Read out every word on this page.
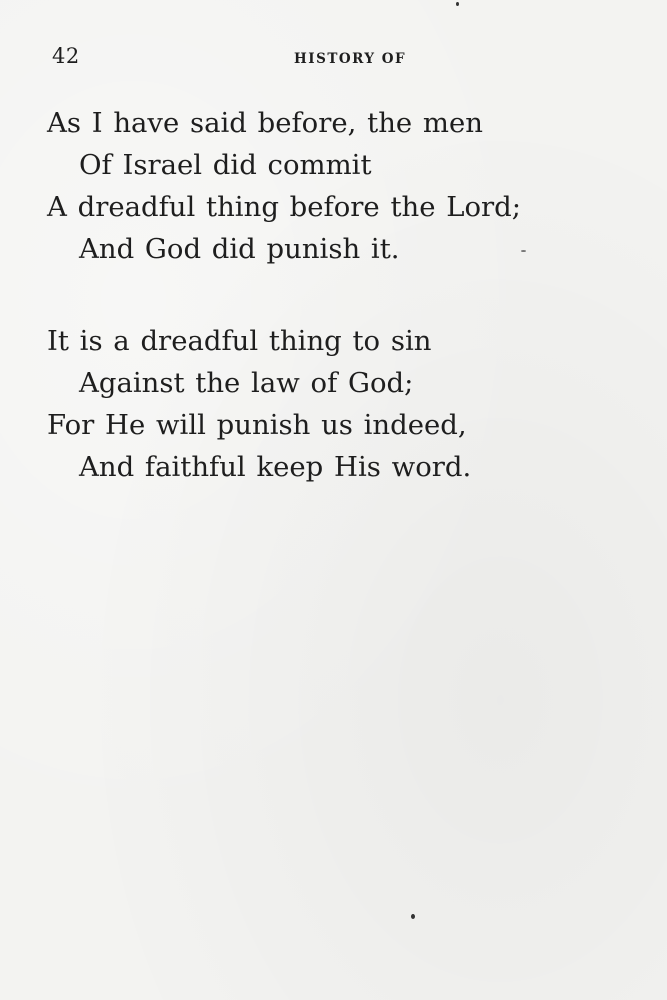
42	HISTORY OF
As I have said before, the men
Of Israel did commit
A dreadful thing before the Lord;
And God did punish it.
It is a dreadful thing to sin
Against the law of God;
For He will punish us indeed,
And faithful keep His word.
